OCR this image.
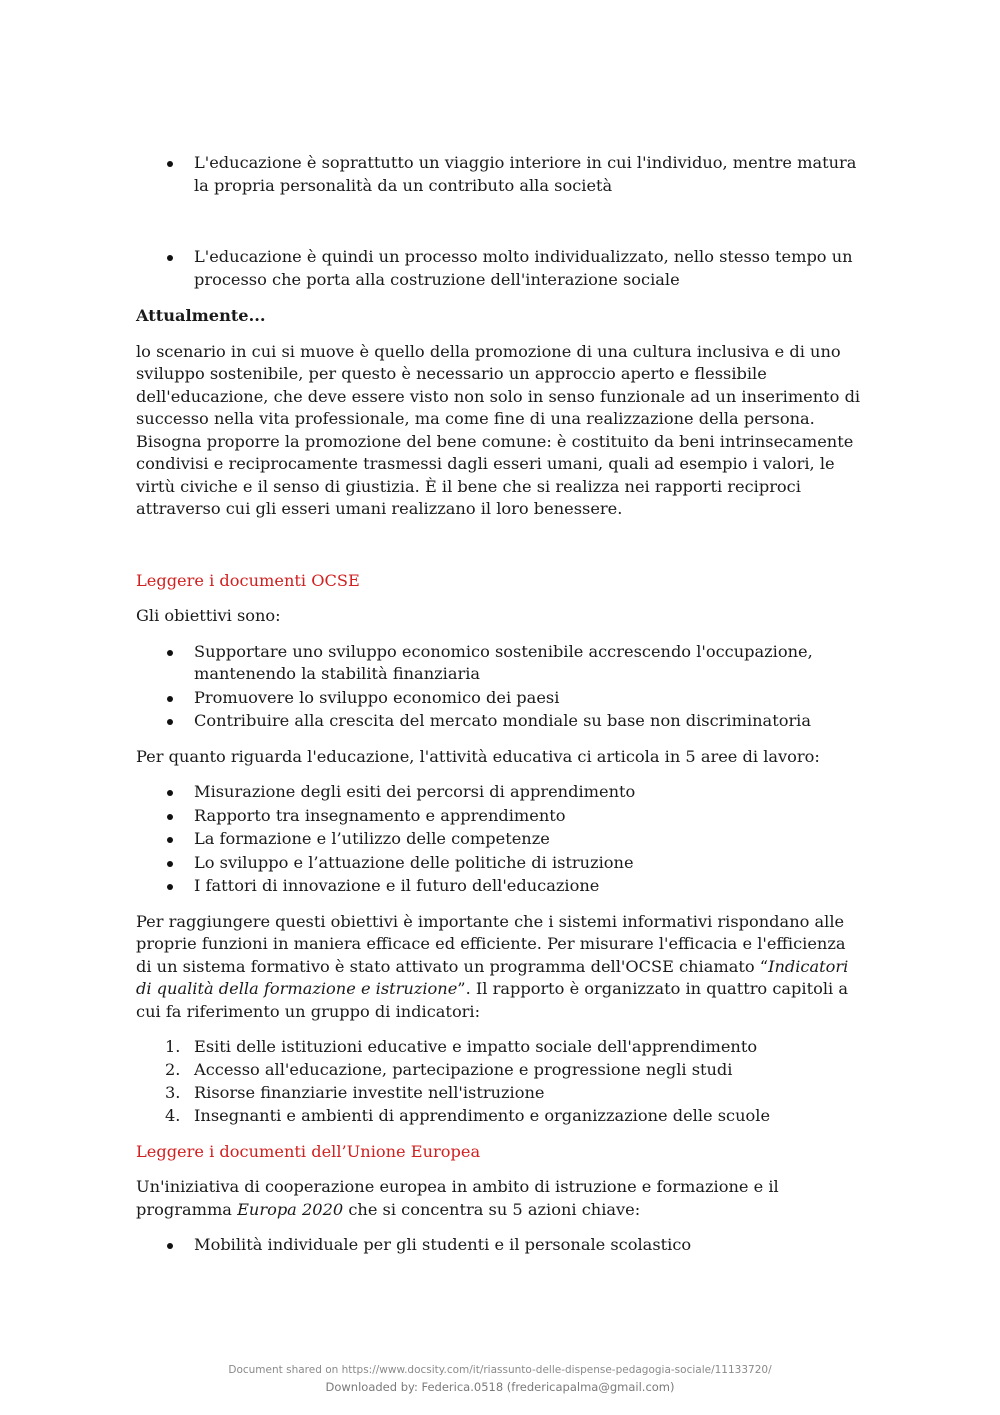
L'educazione è soprattutto un viaggio interiore in cui l'individuo, mentre matura la propria personalità da un contributo alla società
L'educazione è quindi un processo molto individualizzato, nello stesso tempo un processo che porta alla costruzione dell'interazione sociale

Attualmente...

lo scenario in cui si muove è quello della promozione di una cultura inclusiva e di uno sviluppo sostenibile, per questo è necessario un approccio aperto e flessibile dell'educazione, che deve essere visto non solo in senso funzionale ad un inserimento di successo nella vita professionale, ma come fine di una realizzazione della persona. Bisogna proporre la promozione del bene comune: è costituito da beni intrinsecamente condivisi e reciprocamente trasmessi dagli esseri umani, quali ad esempio i valori, le virtù civiche e il senso di giustizia. È il bene che si realizza nei rapporti reciproci attraverso cui gli esseri umani realizzano il loro benessere.

Leggere i documenti OCSE

Gli obiettivi sono:

Supportare uno sviluppo economico sostenibile accrescendo l'occupazione, mantenendo la stabilità finanziaria
Promuovere lo sviluppo economico dei paesi
Contribuire alla crescita del mercato mondiale su base non discriminatoria

Per quanto riguarda l'educazione, l'attività educativa ci articola in 5 aree di lavoro:

Misurazione degli esiti dei percorsi di apprendimento
Rapporto tra insegnamento e apprendimento
La formazione e l’utilizzo delle competenze
Lo sviluppo e l’attuazione delle politiche di istruzione
I fattori di innovazione e il futuro dell'educazione

Per raggiungere questi obiettivi è importante che i sistemi informativi rispondano alle proprie funzioni in maniera efficace ed efficiente. Per misurare l'efficacia e l'efficienza di un sistema formativo è stato attivato un programma dell'OCSE chiamato “Indicatori di qualità della formazione e istruzione”. Il rapporto è organizzato in quattro capitoli a cui fa riferimento un gruppo di indicatori:

1. Esiti delle istituzioni educative e impatto sociale dell'apprendimento
2. Accesso all'educazione, partecipazione e progressione negli studi
3. Risorse finanziarie investite nell'istruzione
4. Insegnanti e ambienti di apprendimento e organizzazione delle scuole

Leggere i documenti dell’Unione Europea

Un'iniziativa di cooperazione europea in ambito di istruzione e formazione e il programma Europa 2020 che si concentra su 5 azioni chiave:

Mobilità individuale per gli studenti e il personale scolastico
Document shared on https://www.docsity.com/it/riassunto-delle-dispense-pedagogia-sociale/11133720/
Downloaded by: Federica.0518 (fredericapalma@gmail.com)
